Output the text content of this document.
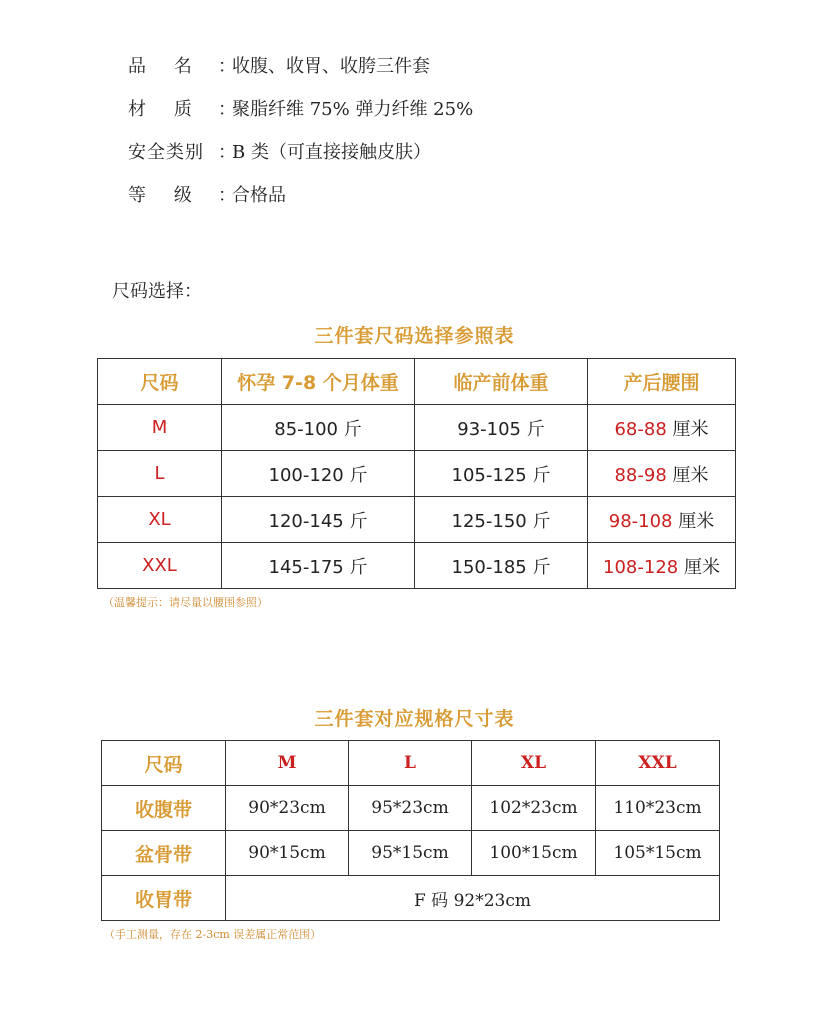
品    名	：
收腹、收胃、收胯三件套
材    质	：
聚脂纤维 75% 弹力纤维 25%
安全类别 ：
B 类（可直接接触皮肤）
等    级	：
合格品
尺码选择：
三件套尺码选择参照表
尺码	怀孕 7-8 个月体重	临产前体重	产后腰围
M	85-100 斤	93-105 斤	68-88 厘米
L	100-120 斤	105-125 斤	88-98 厘米
XL	120-145 斤	125-150 斤	98-108 厘米
XXL	145-175 斤	150-185 斤	108-128 厘米
（温馨提示：请尽量以腰围参照）
三件套对应规格尺寸表
尺码	M	L	XL	XXL
收腹带	90*23cm	95*23cm	102*23cm	110*23cm
盆骨带	90*15cm	95*15cm	100*15cm	105*15cm
收胃带	F 码 92*23cm			
（手工测量，存在 2-3cm 误差属正常范围）
